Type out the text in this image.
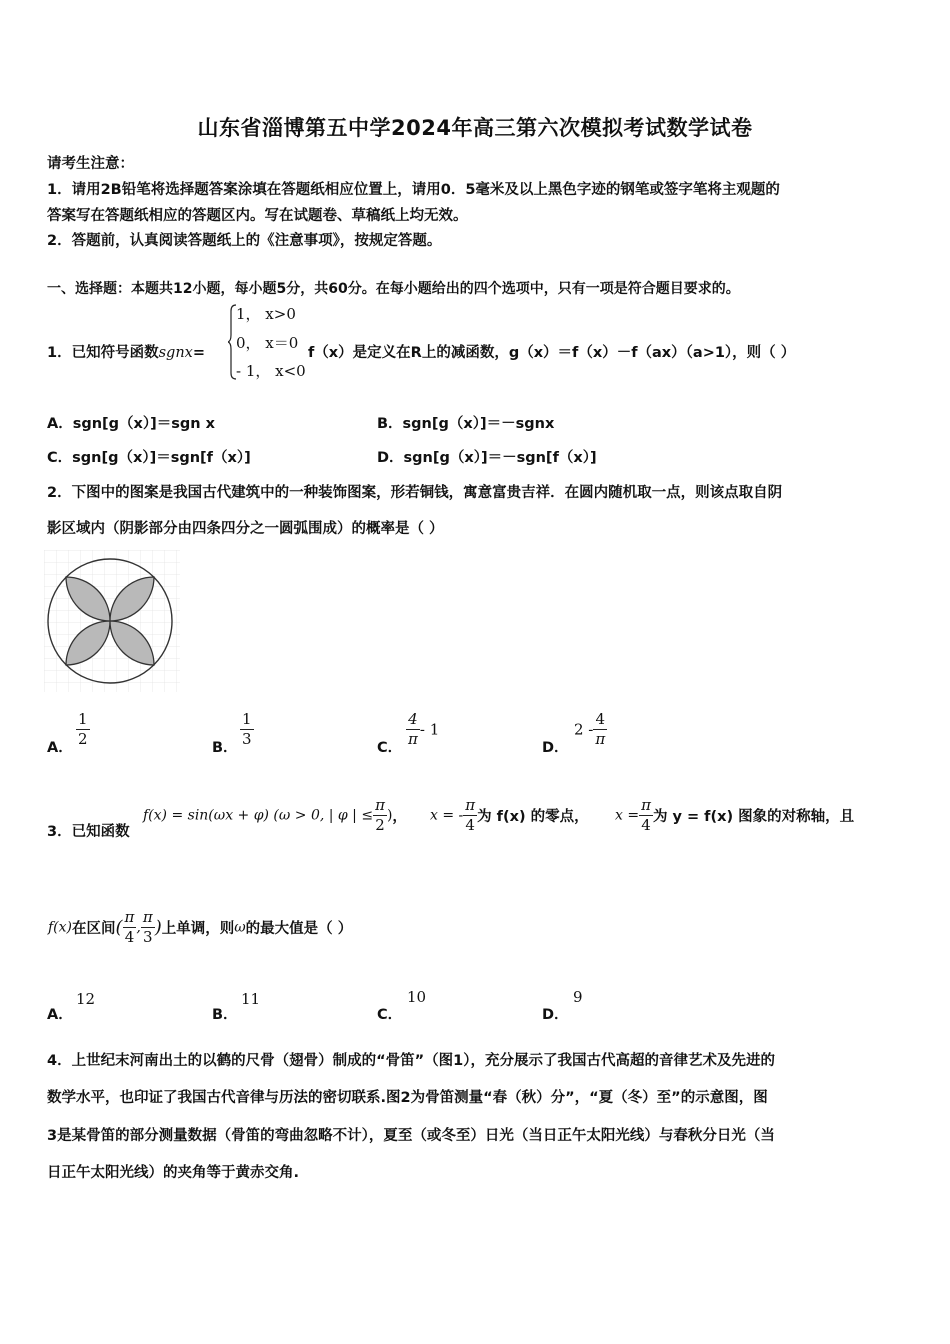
山东省淄博第五中学2024年高三第六次模拟考试数学试卷
请考生注意：
1．请用2B铅笔将选择题答案涂填在答题纸相应位置上，请用0．5毫米及以上黑色字迹的钢笔或签字笔将主观题的
答案写在答题纸相应的答题区内。写在试题卷、草稿纸上均无效。
2．答题前，认真阅读答题纸上的《注意事项》，按规定答题。
一、选择题：本题共12小题，每小题5分，共60分。在每小题给出的四个选项中，只有一项是符合题目要求的。
1．已知符号函数sgnx=
1， x>0
0， x＝0
- 1， x<0
f（x）是定义在R上的减函数，g（x）＝f（x）－f（ax）（a>1），则（ ）
A．sgn[g（x）]＝sgn x	B．sgn[g（x）]＝－sgnx
C．sgn[g（x）]＝sgn[f（x）]	D．sgn[g（x）]＝－sgn[f（x）]
2．下图中的图案是我国古代建筑中的一种装饰图案，形若铜钱，寓意富贵吉祥．在圆内随机取一点，则该点取自阴
影区域内（阴影部分由四条四分之一圆弧围成）的概率是（ ）
A． $\frac{1}{2}$	B． $\frac{1}{3}$	C． $\frac{4}{\pi} - 1$
D．
$2 - \frac{4}{\pi}$
3．已知函数
f(x) = sin(ωx + φ) (ω > 0, | φ | ≤ $\frac{\pi}{2}$ )， x = - $\frac{\pi}{4}$ 为 f(x) 的零点， $x = \frac{\pi}{4}$ 为 y = f(x) 图象的对称轴，且
f(x)在区间( $\frac{\pi}{4}$ , $\frac{\pi}{3}$ )上单调，则ω的最大值是（ ）
A．
12
B．
11
C．
10
D．
9
4．上世纪末河南出土的以鹤的尺骨（翅骨）制成的“骨笛”（图1），充分展示了我国古代高超的音律艺术及先进的
数学水平，也印证了我国古代音律与历法的密切联系.图2为骨笛测量“春（秋）分”，“夏（冬）至”的示意图，图
3是某骨笛的部分测量数据（骨笛的弯曲忽略不计），夏至（或冬至）日光（当日正午太阳光线）与春秋分日光（当
日正午太阳光线）的夹角等于黄赤交角.
